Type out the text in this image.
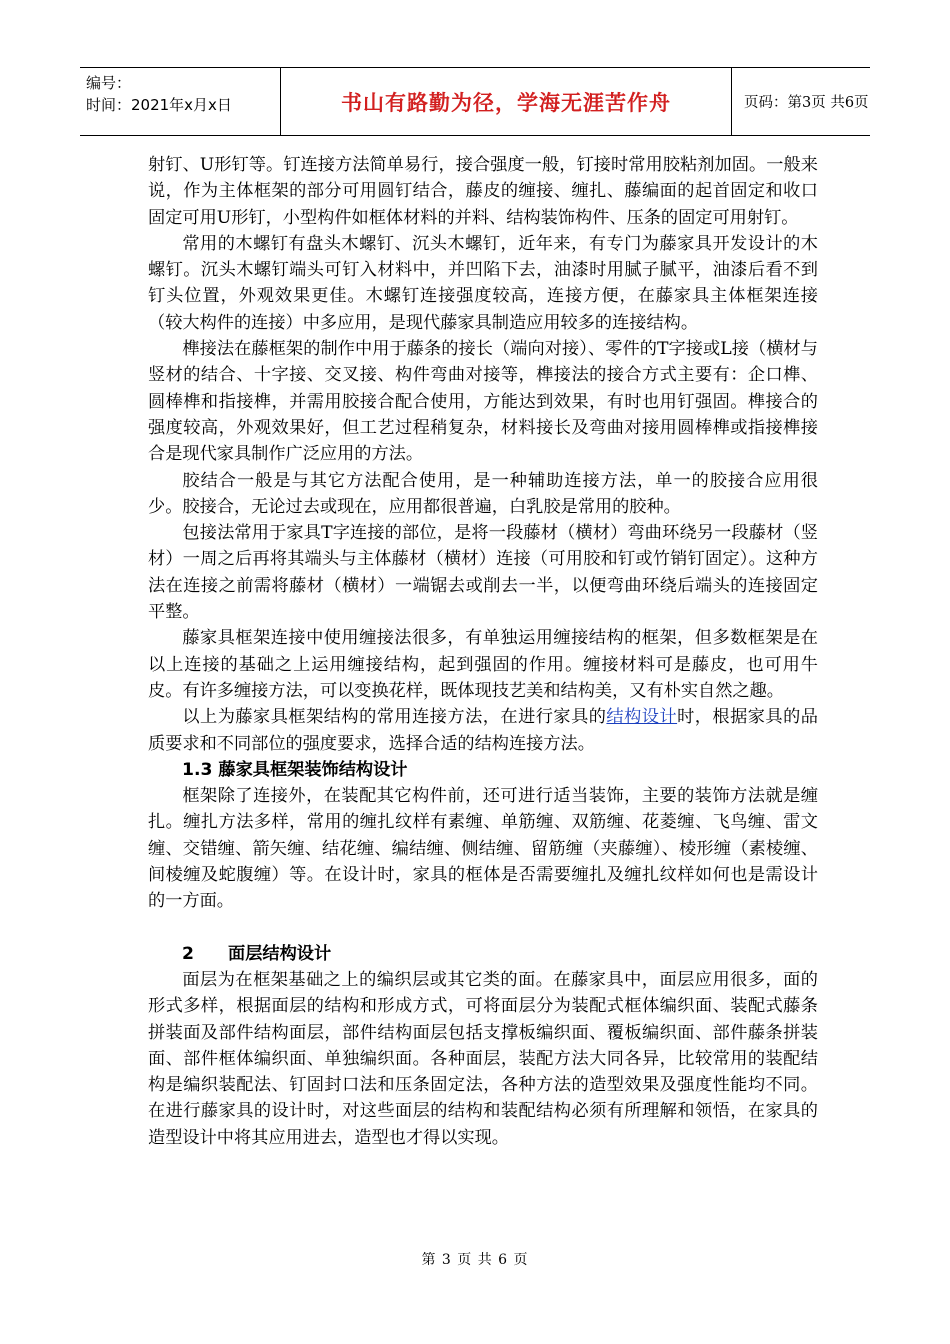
编号：
时间：2021年x月x日	书山有路勤为径，学海无涯苦作舟	页码：第3页 共6页

射钉、U形钉等。钉连接方法简单易行，接合强度一般，钉接时常用胶粘剂加固。一般来说，作为主体框架的部分可用圆钉结合，藤皮的缠接、缠扎、藤编面的起首固定和收口固定可用U形钉，小型构件如框体材料的并料、结构装饰构件、压条的固定可用射钉。

常用的木螺钉有盘头木螺钉、沉头木螺钉，近年来，有专门为藤家具开发设计的木螺钉。沉头木螺钉端头可钉入材料中，并凹陷下去，油漆时用腻子腻平，油漆后看不到钉头位置，外观效果更佳。木螺钉连接强度较高，连接方便，在藤家具主体框架连接（较大构件的连接）中多应用，是现代藤家具制造应用较多的连接结构。

榫接法在藤框架的制作中用于藤条的接长（端向对接）、零件的T字接或L接（横材与竖材的结合、十字接、交叉接、构件弯曲对接等，榫接法的接合方式主要有：企口榫、圆棒榫和指接榫，并需用胶接合配合使用，方能达到效果，有时也用钉强固。榫接合的强度较高，外观效果好，但工艺过程稍复杂，材料接长及弯曲对接用圆棒榫或指接榫接合是现代家具制作广泛应用的方法。

胶结合一般是与其它方法配合使用，是一种辅助连接方法，单一的胶接合应用很少。胶接合，无论过去或现在，应用都很普遍，白乳胶是常用的胶种。

包接法常用于家具T字连接的部位，是将一段藤材（横材）弯曲环绕另一段藤材（竖材）一周之后再将其端头与主体藤材（横材）连接（可用胶和钉或竹销钉固定）。这种方法在连接之前需将藤材（横材）一端锯去或削去一半，以便弯曲环绕后端头的连接固定平整。

藤家具框架连接中使用缠接法很多，有单独运用缠接结构的框架，但多数框架是在以上连接的基础之上运用缠接结构，起到强固的作用。缠接材料可是藤皮，也可用牛皮。有许多缠接方法，可以变换花样，既体现技艺美和结构美，又有朴实自然之趣。

以上为藤家具框架结构的常用连接方法，在进行家具的结构设计时，根据家具的品质要求和不同部位的强度要求，选择合适的结构连接方法。

1.3 藤家具框架装饰结构设计

框架除了连接外，在装配其它构件前，还可进行适当装饰，主要的装饰方法就是缠扎。缠扎方法多样，常用的缠扎纹样有素缠、单筋缠、双筋缠、花菱缠、飞鸟缠、雷文缠、交错缠、箭矢缠、结花缠、编结缠、侧结缠、留筋缠（夹藤缠）、棱形缠（素棱缠、间棱缠及蛇腹缠）等。在设计时，家具的框体是否需要缠扎及缠扎纹样如何也是需设计的一方面。

2 面层结构设计

面层为在框架基础之上的编织层或其它类的面。在藤家具中，面层应用很多，面的形式多样，根据面层的结构和形成方式，可将面层分为装配式框体编织面、装配式藤条拼装面及部件结构面层，部件结构面层包括支撑板编织面、覆板编织面、部件藤条拼装面、部件框体编织面、单独编织面。各种面层，装配方法大同各异，比较常用的装配结构是编织装配法、钉固封口法和压条固定法，各种方法的造型效果及强度性能均不同。在进行藤家具的设计时，对这些面层的结构和装配结构必须有所理解和领悟，在家具的造型设计中将其应用进去，造型也才得以实现。

第 3 页 共 6 页
